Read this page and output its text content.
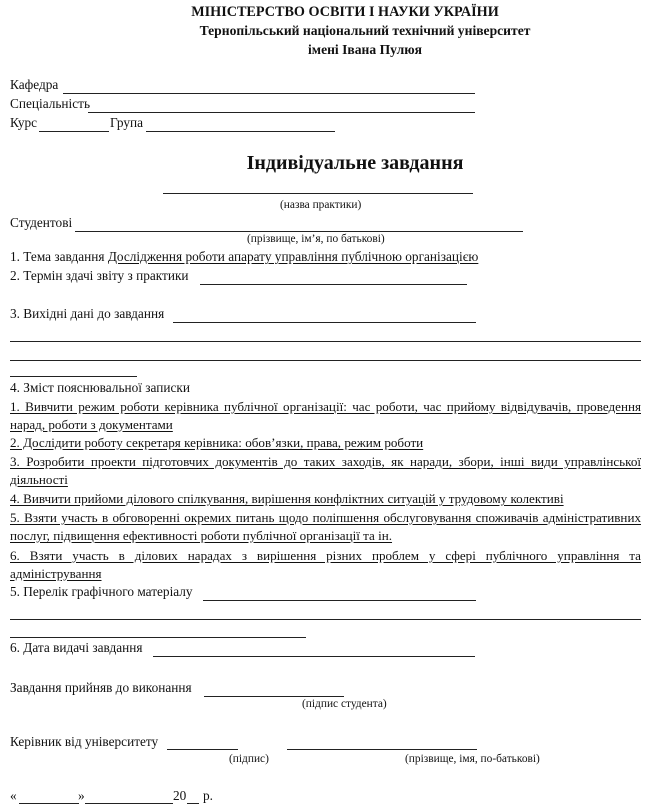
МІНІСТЕРСТВО ОСВІТИ І НАУКИ УКРАЇНИ
Тернопільський національний технічний університет
імені Івана Пулюя
Кафедра
Спеціальність
Курс	Група
Індивідуальне завдання
(назва практики)
Студентові
(прізвище, ім’я, по батькові)
1. Тема завдання Дослідження роботи апарату управління публічною організацією
2. Термін здачі звіту з практики
3. Вихідні дані до завдання
4. Зміст пояснювальної записки
1. Вивчити режим роботи керівника публічної організації: час роботи, час прийому відвідувачів, проведення нарад, роботи з документами
2. Дослідити роботу секретаря керівника: обов’язки, права, режим роботи
3. Розробити проекти підготовчих документів до таких заходів, як наради, збори, інші види управлінської діяльності
4. Вивчити прийоми ділового спілкування, вирішення конфліктних ситуацій у трудовому колективі
5. Взяти участь в обговоренні окремих питань щодо поліпшення обслуговування споживачів адміністративних послуг, підвищення ефективності роботи публічної організації та ін.
6. Взяти участь в ділових нарадах з вирішення різних проблем у сфері публічного управління та адміністрування
5. Перелік графічного матеріалу
6. Дата видачі завдання
Завдання прийняв до виконання
(підпис студента)
Керівник від університету
(підпис)	(прізвище, імя, по-батькові)
«	»	20 р.
